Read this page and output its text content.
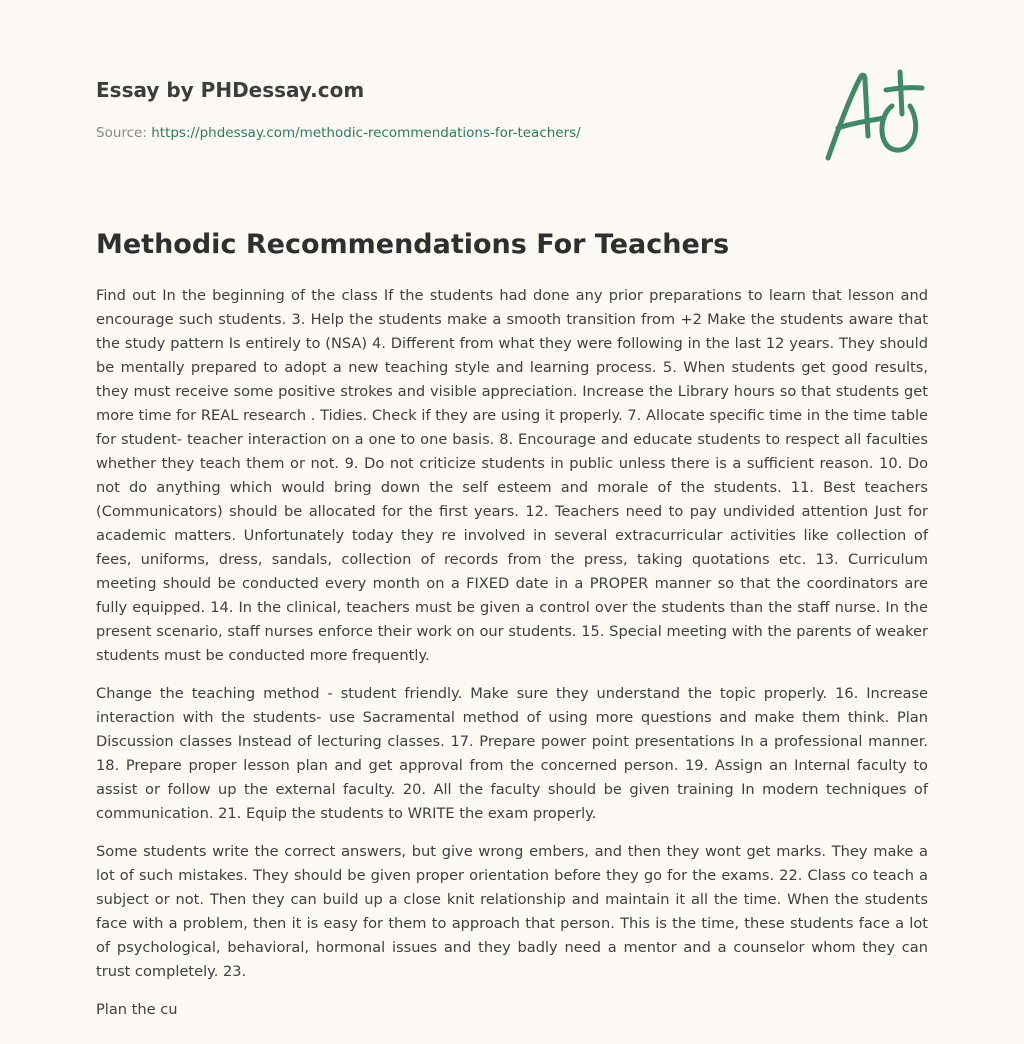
Essay by PHDessay.com
Source: https://phdessay.com/methodic-recommendations-for-teachers/
Methodic Recommendations For Teachers

Find out In the beginning of the class If the students had done any prior preparations to learn that lesson and encourage such students. 3. Help the students make a smooth transition from +2 Make the students aware that the study pattern Is entirely to (NSA) 4. Different from what they were following in the last 12 years. They should be mentally prepared to adopt a new teaching style and learning process. 5. When students get good results, they must receive some positive strokes and visible appreciation. Increase the Library hours so that students get more time for REAL research . Tidies. Check if they are using it properly. 7. Allocate specific time in the time table for student- teacher interaction on a one to one basis. 8. Encourage and educate students to respect all faculties whether they teach them or not. 9. Do not criticize students in public unless there is a sufficient reason. 10. Do not do anything which would bring down the self esteem and morale of the students. 11. Best teachers (Communicators) should be allocated for the first years. 12. Teachers need to pay undivided attention Just for academic matters. Unfortunately today they re involved in several extracurricular activities like collection of fees, uniforms, dress, sandals, collection of records from the press, taking quotations etc. 13. Curriculum meeting should be conducted every month on a FIXED date in a PROPER manner so that the coordinators are fully equipped. 14. In the clinical, teachers must be given a control over the students than the staff nurse. In the present scenario, staff nurses enforce their work on our students. 15. Special meeting with the parents of weaker students must be conducted more frequently.

Change the teaching method - student friendly. Make sure they understand the topic properly. 16. Increase interaction with the students- use Sacramental method of using more questions and make them think. Plan Discussion classes Instead of lecturing classes. 17. Prepare power point presentations In a professional manner. 18. Prepare proper lesson plan and get approval from the concerned person. 19. Assign an Internal faculty to assist or follow up the external faculty. 20. All the faculty should be given training In modern techniques of communication. 21. Equip the students to WRITE the exam properly.

Some students write the correct answers, but give wrong embers, and then they wont get marks. They make a lot of such mistakes. They should be given proper orientation before they go for the exams. 22. Class co teach a subject or not. Then they can build up a close knit relationship and maintain it all the time. When the students face with a problem, then it is easy for them to approach that person. This is the time, these students face a lot of psychological, behavioral, hormonal issues and they badly need a mentor and a counselor whom they can trust completely. 23.

Plan the cu
